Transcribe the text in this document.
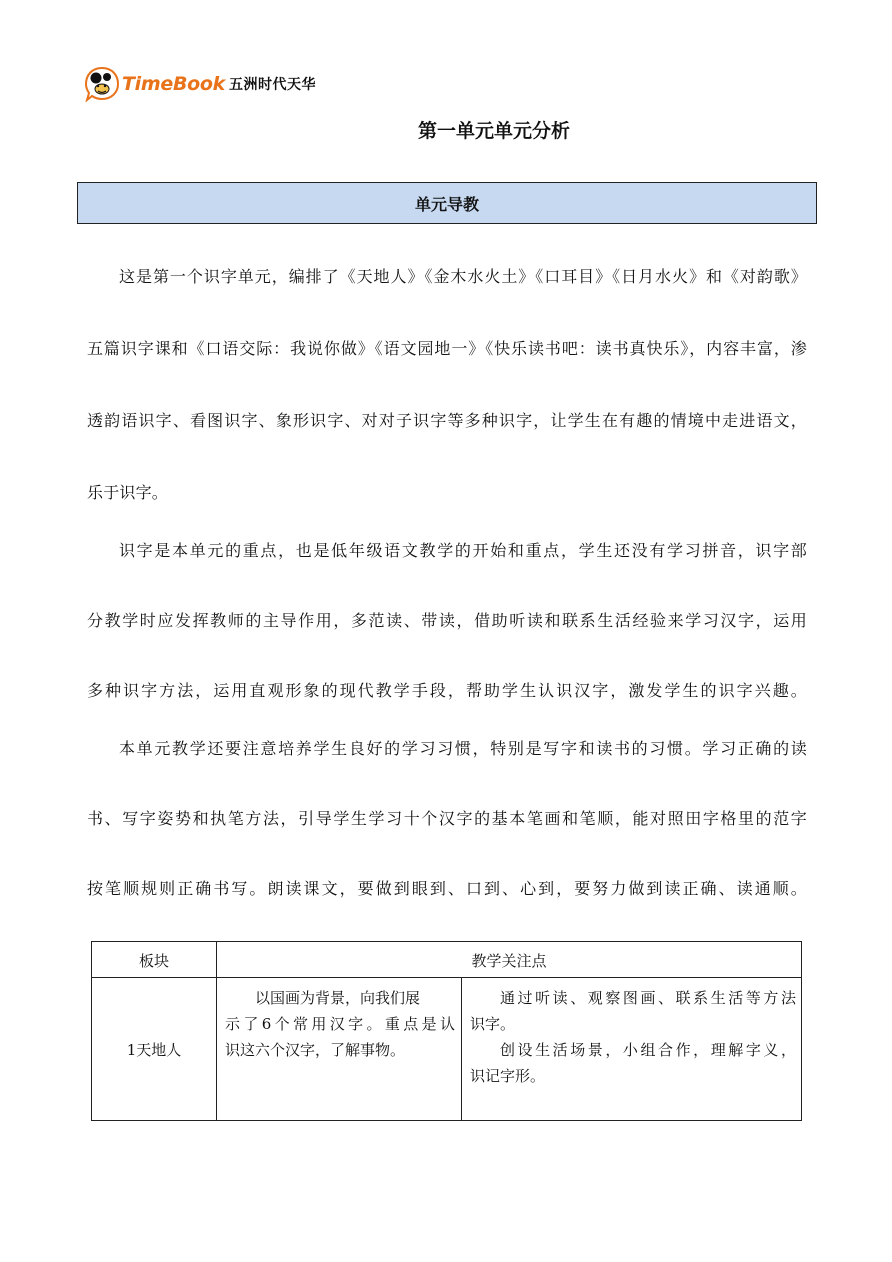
TimeBook 五洲时代天华
第一单元单元分析
单元导教
这是第一个识字单元，编排了《天地人》《金木水火土》《口耳目》《日月水火》和《对韵歌》
五篇识字课和《口语交际：我说你做》《语文园地一》《快乐读书吧：读书真快乐》，内容丰富，渗
透韵语识字、看图识字、象形识字、对对子识字等多种识字，让学生在有趣的情境中走进语文，
乐于识字。
识字是本单元的重点，也是低年级语文教学的开始和重点，学生还没有学习拼音，识字部
分教学时应发挥教师的主导作用，多范读、带读，借助听读和联系生活经验来学习汉字，运用
多种识字方法，运用直观形象的现代教学手段，帮助学生认识汉字，激发学生的识字兴趣。
本单元教学还要注意培养学生良好的学习习惯，特别是写字和读书的习惯。学习正确的读
书、写字姿势和执笔方法，引导学生学习十个汉字的基本笔画和笔顺，能对照田字格里的范字
按笔顺规则正确书写。朗读课文，要做到眼到、口到、心到，要努力做到读正确、读通顺。
板块	教学关注点
1天地人
以国画为背景，向我们展
示了6个常用汉字。重点是认
识这六个汉字，了解事物。
通过听读、观察图画、联系生活等方法
识字。
创设生活场景，小组合作，理解字义，
识记字形。
